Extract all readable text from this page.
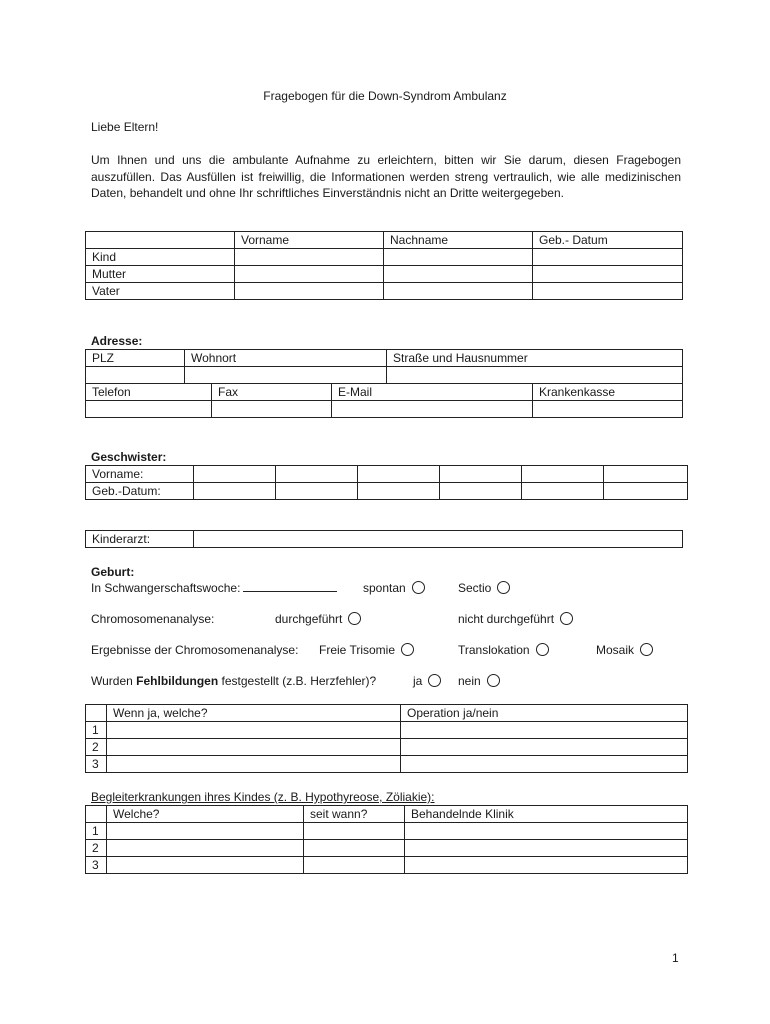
Fragebogen für die Down-Syndrom Ambulanz
Liebe Eltern!
Um Ihnen und uns die ambulante Aufnahme zu erleichtern, bitten wir Sie darum, diesen Fragebogen auszufüllen. Das Ausfüllen ist freiwillig, die Informationen werden streng vertraulich, wie alle medizinischen Daten, behandelt und ohne Ihr schriftliches Einverständnis nicht an Dritte weitergegeben.
	Vorname	Nachname	Geb.- Datum
Kind			
Mutter			
Vater			
Adresse:
PLZ	Wohnort	Straße und Hausnummer

Telefon	Fax	E-Mail	Krankenkasse

Geschwister:
Vorname:						
Geb.-Datum:						
Kinderarzt:	
Geburt:
In Schwangerschaftswoche:	spontan	Sectio
Chromosomenanalyse:	durchgeführt	nicht durchgeführt
Ergebnisse der Chromosomenanalyse: Freie Trisomie	Translokation	Mosaik
Wurden Fehlbildungen festgestellt (z.B. Herzfehler)?	ja	nein
	Wenn ja, welche?	Operation ja/nein
1		
2		
3		
Begleiterkrankungen ihres Kindes (z. B. Hypothyreose, Zöliakie):
	Welche?	seit wann?	Behandelnde Klinik
1			
2			
3			
1
